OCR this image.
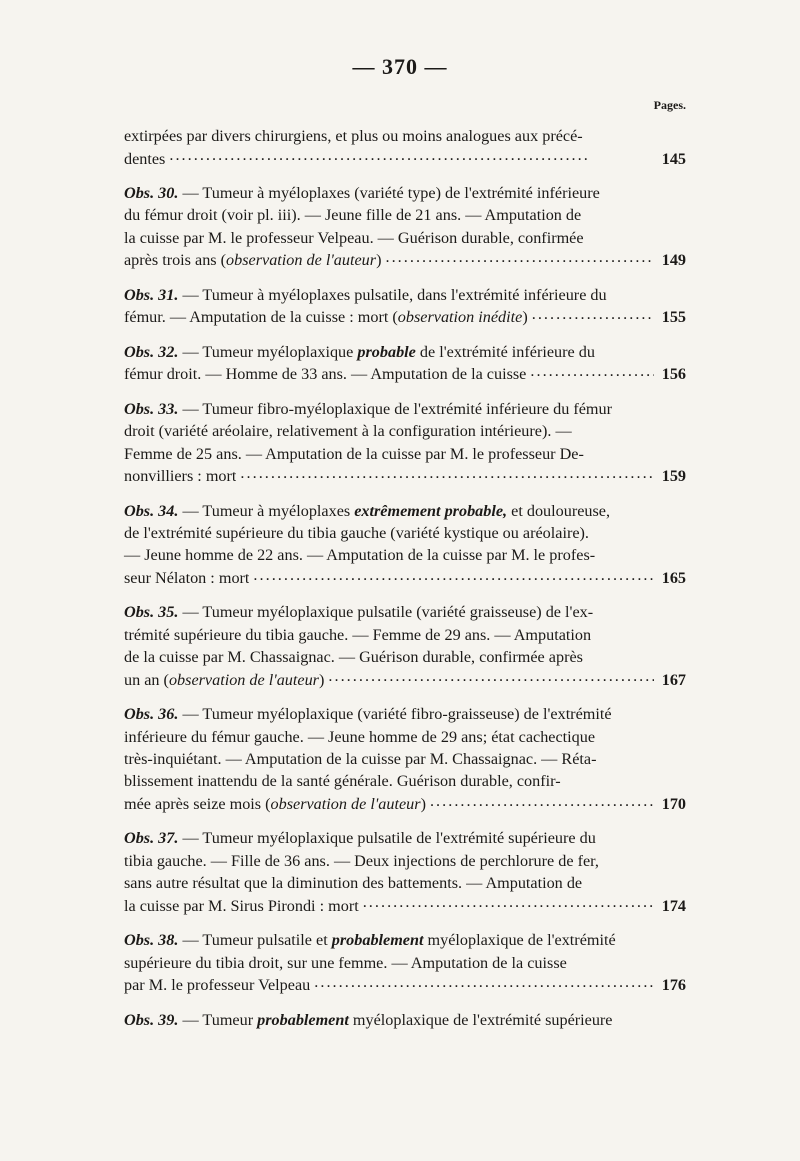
— 370 —
Pages.
extirpées par divers chirurgiens, et plus ou moins analogues aux précé-
dentes . . .	145
Obs. 30. — Tumeur à myéloplaxes (variété type) de l'extrémité inférieure
du fémur droit (voir pl. iii). — Jeune fille de 21 ans. — Amputation de
la cuisse par M. le professeur Velpeau. — Guérison durable, confirmée
après trois ans (observation de l'auteur) . . .	149
Obs. 31. — Tumeur à myéloplaxes pulsatile, dans l'extrémité inférieure du
fémur. — Amputation de la cuisse : mort (observation inédite) . . .	155
Obs. 32. — Tumeur myéloplaxique probable de l'extrémité inférieure du
fémur droit. — Homme de 33 ans. — Amputation de la cuisse . . .	156
Obs. 33. — Tumeur fibro-myéloplaxique de l'extrémité inférieure du fémur
droit (variété aréolaire, relativement à la configuration intérieure). —
Femme de 25 ans. — Amputation de la cuisse par M. le professeur De-
nonvilliers : mort . . .	159
Obs. 34. — Tumeur à myéloplaxes extrêmement probable, et douloureuse,
de l'extrémité supérieure du tibia gauche (variété kystique ou aréolaire).
— Jeune homme de 22 ans. — Amputation de la cuisse par M. le profes-
seur Nélaton : mort . . .	165
Obs. 35. — Tumeur myéloplaxique pulsatile (variété graisseuse) de l'ex-
trémité supérieure du tibia gauche. — Femme de 29 ans. — Amputation
de la cuisse par M. Chassaignac. — Guérison durable, confirmée après
un an (observation de l'auteur) . . .	167
Obs. 36. — Tumeur myéloplaxique (variété fibro-graisseuse) de l'extrémité
inférieure du fémur gauche. — Jeune homme de 29 ans; état cachectique
très-inquiétant. — Amputation de la cuisse par M. Chassaignac. — Réta-
blissement inattendu de la santé générale. Guérison durable, confir-
mée après seize mois (observation de l'auteur) . . .	170
Obs. 37. — Tumeur myéloplaxique pulsatile de l'extrémité supérieure du
tibia gauche. — Fille de 36 ans. — Deux injections de perchlorure de fer,
sans autre résultat que la diminution des battements. — Amputation de
la cuisse par M. Sirus Pirondi : mort . . .	174
Obs. 38. — Tumeur pulsatile et probablement myéloplaxique de l'extrémité
supérieure du tibia droit, sur une femme. — Amputation de la cuisse
par M. le professeur Velpeau . . .	176
Obs. 39. — Tumeur probablement myéloplaxique de l'extrémité supérieure
